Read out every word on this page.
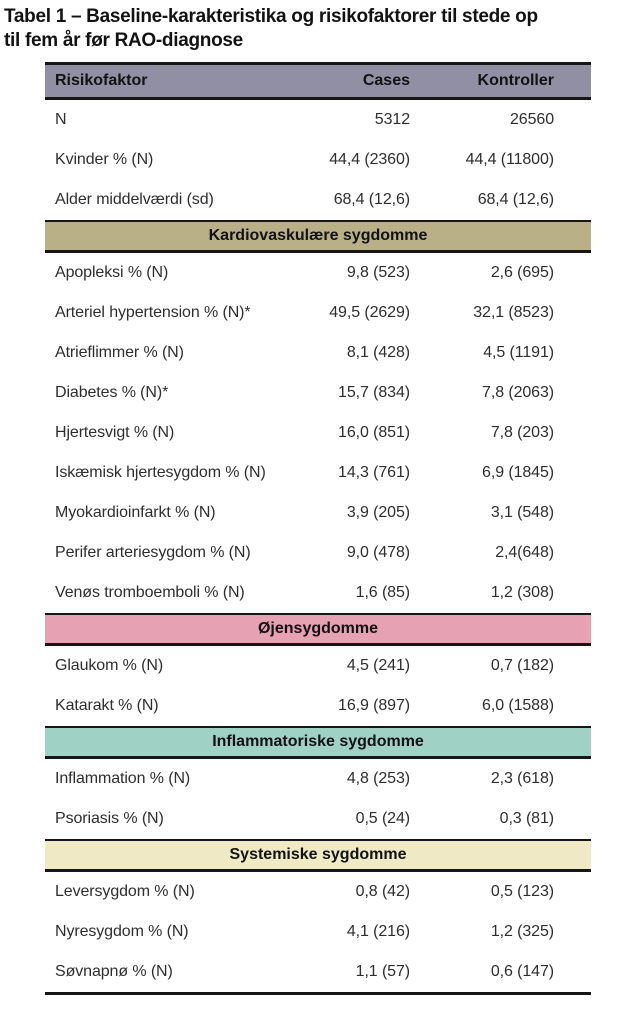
Tabel 1 – Baseline-karakteristika og risikofaktorer til stede op
til fem år før RAO-diagnose
Risikofaktor	Cases	Kontroller
N	5312	26560
Kvinder % (N)	44,4 (2360)	44,4 (11800)
Alder middelværdi (sd)	68,4 (12,6)	68,4 (12,6)
Kardiovaskulære sygdomme
Apopleksi % (N)	9,8 (523)	2,6 (695)
Arteriel hypertension % (N)*	49,5 (2629)	32,1 (8523)
Atrieflimmer % (N)	8,1 (428)	4,5 (1191)
Diabetes % (N)*	15,7 (834)	7,8 (2063)
Hjertesvigt % (N)	16,0 (851)	7,8 (203)
Iskæmisk hjertesygdom % (N)	14,3 (761)	6,9 (1845)
Myokardioinfarkt % (N)	3,9 (205)	3,1 (548)
Perifer arteriesygdom % (N)	9,0 (478)	2,4(648)
Venøs tromboemboli % (N)	1,6 (85)	1,2 (308)
Øjensygdomme
Glaukom % (N)	4,5 (241)	0,7 (182)
Katarakt % (N)	16,9 (897)	6,0 (1588)
Inflammatoriske sygdomme
Inflammation % (N)	4,8 (253)	2,3 (618)
Psoriasis % (N)	0,5 (24)	0,3 (81)
Systemiske sygdomme
Leversygdom % (N)	0,8 (42)	0,5 (123)
Nyresygdom % (N)	4,1 (216)	1,2 (325)
Søvnapnø % (N)	1,1 (57)	0,6 (147)
